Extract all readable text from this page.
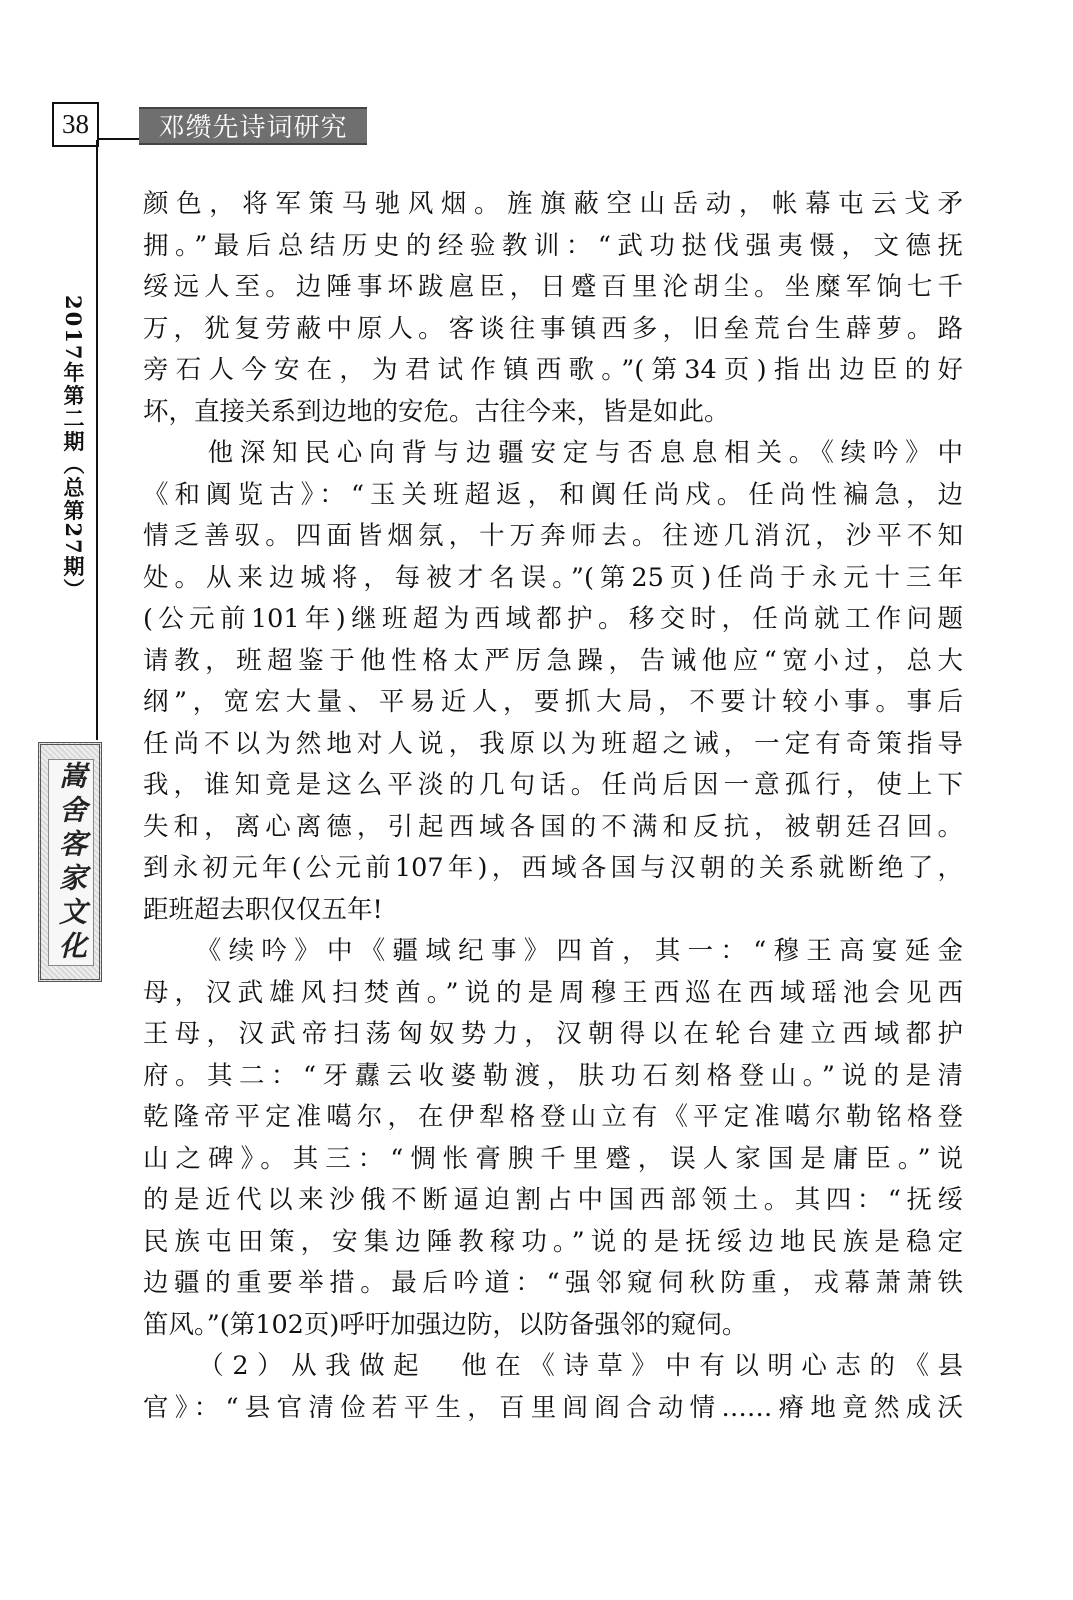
38	邓缵先诗词研究
2017年第二期（总第27期）
嵩舍客家文化
颜色，将军策马驰风烟。旌旗蔽空山岳动，帐幕屯云戈矛
拥。”最后总结历史的经验教训：“武功挞伐强夷慑，文德抚
绥远人至。边陲事坏跋扈臣，日蹙百里沦胡尘。坐糜军饷七千
万，犹复劳蔽中原人。客谈往事镇西多，旧垒荒台生薜萝。路
旁石人今安在，为君试作镇西歌。”(第34页)指出边臣的好
坏，直接关系到边地的安危。古往今来，皆是如此。
　　他深知民心向背与边疆安定与否息息相关。《续吟》中
《和阗览古》：“玉关班超返，和阗任尚戍。任尚性褊急，边
情乏善驭。四面皆烟氛，十万奔师去。往迹几消沉，沙平不知
处。从来边城将，每被才名误。”(第25页)任尚于永元十三年
(公元前101年)继班超为西域都护。移交时，任尚就工作问题
请教，班超鉴于他性格太严厉急躁，告诫他应“宽小过，总大
纲”，宽宏大量、平易近人，要抓大局，不要计较小事。事后
任尚不以为然地对人说，我原以为班超之诫，一定有奇策指导
我，谁知竟是这么平淡的几句话。任尚后因一意孤行，使上下
失和，离心离德，引起西域各国的不满和反抗，被朝廷召回。
到永初元年(公元前107年)，西域各国与汉朝的关系就断绝了，
距班超去职仅仅五年!
　　《续吟》中《疆域纪事》四首，其一：“穆王高宴延金
母，汉武雄风扫焚酋。”说的是周穆王西巡在西域瑶池会见西
王母，汉武帝扫荡匈奴势力，汉朝得以在轮台建立西域都护
府。其二：“牙纛云收婆勒渡，肤功石刻格登山。”说的是清
乾隆帝平定准噶尔，在伊犁格登山立有《平定准噶尔勒铭格登
山之碑》。其三：“惆怅膏腴千里蹙，误人家国是庸臣。”说
的是近代以来沙俄不断逼迫割占中国西部领土。其四：“抚绥
民族屯田策，安集边陲教稼功。”说的是抚绥边地民族是稳定
边疆的重要举措。最后吟道：“强邻窥伺秋防重，戎幕萧萧铁
笛风。”(第102页)呼吁加强边防，以防备强邻的窥伺。
　　（2）从我做起　他在《诗草》中有以明心志的《县
官》：“县官清俭若平生，百里闾阎合动情……瘠地竟然成沃
